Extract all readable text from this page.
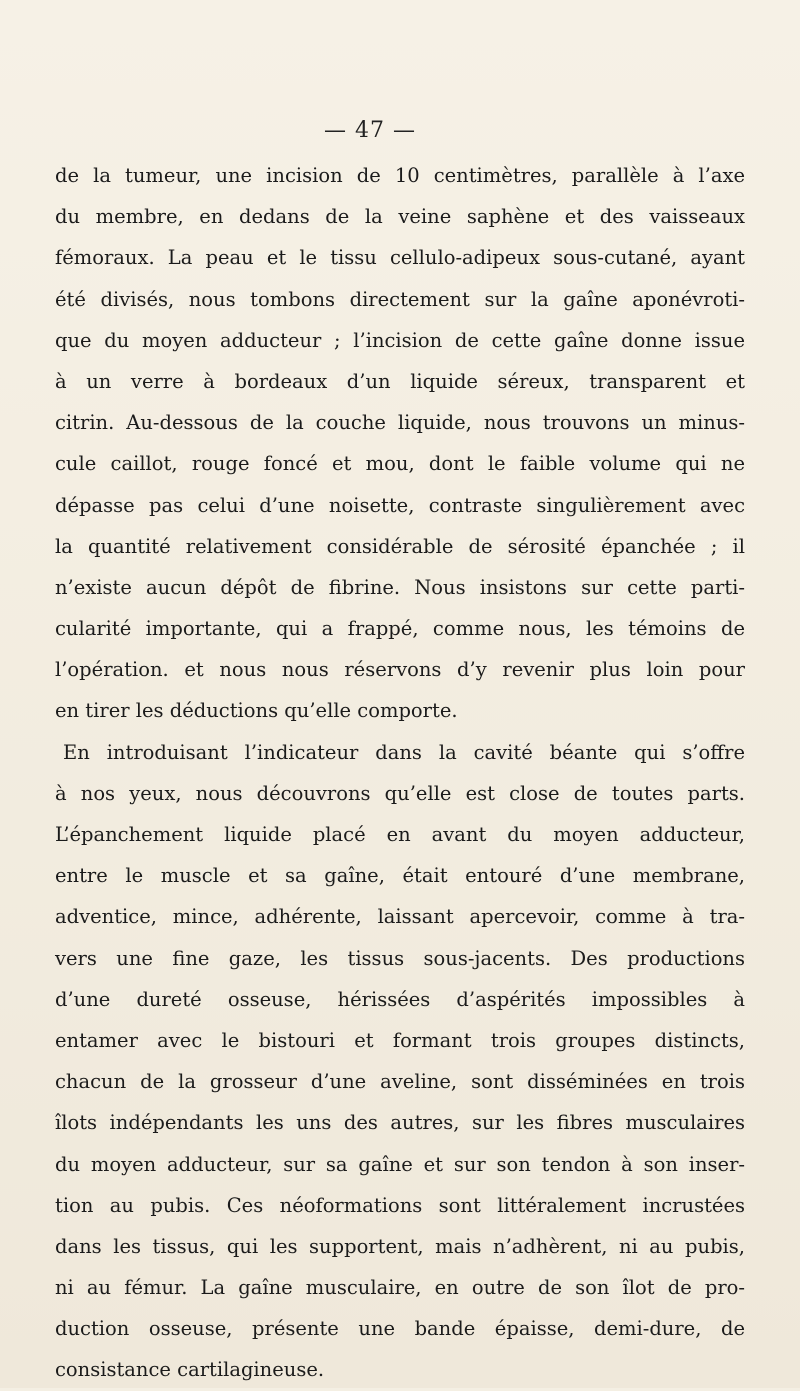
— 47 —
de la tumeur, une incision de 10 centimètres, parallèle à l’axe
du membre, en dedans de la veine saphène et des vaisseaux
fémoraux. La peau et le tissu cellulo-adipeux sous-cutané, ayant
été divisés, nous tombons directement sur la gaîne aponévroti-
que du moyen adducteur ; l’incision de cette gaîne donne issue
à un verre à bordeaux d’un liquide séreux, transparent et
citrin. Au-dessous de la couche liquide, nous trouvons un minus-
cule caillot, rouge foncé et mou, dont le faible volume qui ne
dépasse pas celui d’une noisette, contraste singulièrement avec
la quantité relativement considérable de sérosité épanchée ; il
n’existe aucun dépôt de fibrine. Nous insistons sur cette parti-
cularité importante, qui a frappé, comme nous, les témoins de
l’opération. et nous nous réservons d’y revenir plus loin pour
en tirer les déductions qu’elle comporte.
En introduisant l’indicateur dans la cavité béante qui s’offre
à nos yeux, nous découvrons qu’elle est close de toutes parts.
L’épanchement liquide placé en avant du moyen adducteur,
entre le muscle et sa gaîne, était entouré d’une membrane,
adventice, mince, adhérente, laissant apercevoir, comme à tra-
vers une fine gaze, les tissus sous-jacents. Des productions
d’une dureté osseuse, hérissées d’aspérités impossibles à
entamer avec le bistouri et formant trois groupes distincts,
chacun de la grosseur d’une aveline, sont disséminées en trois
îlots indépendants les uns des autres, sur les fibres musculaires
du moyen adducteur, sur sa gaîne et sur son tendon à son inser-
tion au pubis. Ces néoformations sont littéralement incrustées
dans les tissus, qui les supportent, mais n’adhèrent, ni au pubis,
ni au fémur. La gaîne musculaire, en outre de son îlot de pro-
duction osseuse, présente une bande épaisse, demi-dure, de
consistance cartilagineuse.
